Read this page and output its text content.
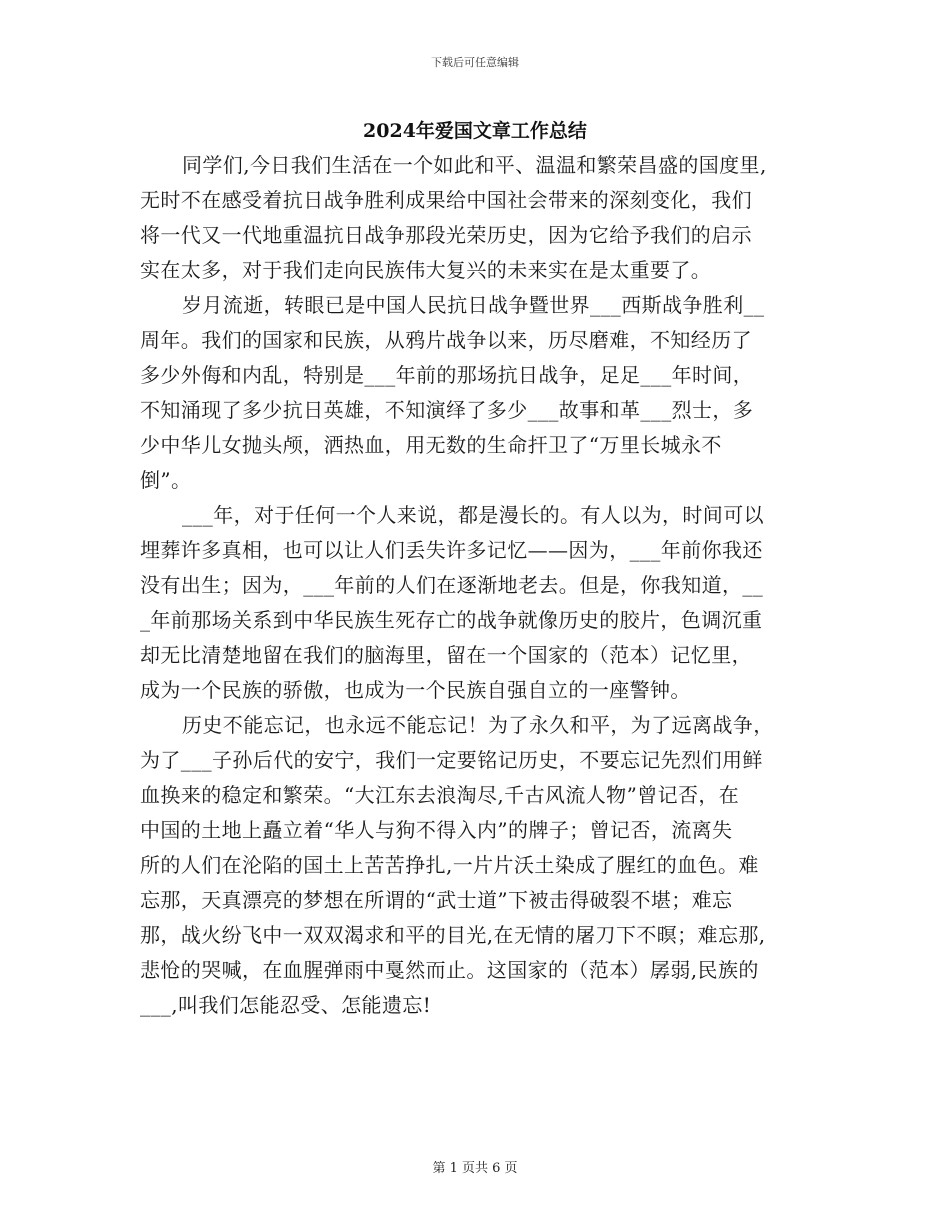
下载后可任意编辑
2024年爱国文章工作总结

同学们,今日我们生活在一个如此和平、温温和繁荣昌盛的国度里,

无时不在感受着抗日战争胜利成果给中国社会带来的深刻变化，我们

将一代又一代地重温抗日战争那段光荣历史，因为它给予我们的启示

实在太多，对于我们走向民族伟大复兴的未来实在是太重要了。

岁月流逝，转眼已是中国人民抗日战争暨世界___西斯战争胜利__

周年。我们的国家和民族，从鸦片战争以来，历尽磨难，不知经历了

多少外侮和内乱，特别是___年前的那场抗日战争，足足___年时间，

不知涌现了多少抗日英雄，不知演绎了多少___故事和革___烈士，多

少中华儿女抛头颅，洒热血，用无数的生命扞卫了“万里长城永不

倒”。

___年，对于任何一个人来说，都是漫长的。有人以为，时间可以

埋葬许多真相，也可以让人们丢失许多记忆——因为，___年前你我还

没有出生；因为，___年前的人们在逐渐地老去。但是，你我知道，__

_年前那场关系到中华民族生死存亡的战争就像历史的胶片，色调沉重

却无比清楚地留在我们的脑海里，留在一个国家的（范本）记忆里，

成为一个民族的骄傲，也成为一个民族自强自立的一座警钟。

历史不能忘记，也永远不能忘记！为了永久和平，为了远离战争，

为了___子孙后代的安宁，我们一定要铭记历史，不要忘记先烈们用鲜

血换来的稳定和繁荣。“大江东去浪淘尽,千古风流人物”曾记否，在

中国的土地上矗立着“华人与狗不得入内”的牌子；曾记否，流离失

所的人们在沦陷的国土上苦苦挣扎,一片片沃土染成了腥红的血色。难

忘那，天真漂亮的梦想在所谓的“武士道”下被击得破裂不堪；难忘

那，战火纷飞中一双双渴求和平的目光,在无情的屠刀下不暝；难忘那,

悲怆的哭喊，在血腥弹雨中戛然而止。这国家的（范本）孱弱,民族的

___,叫我们怎能忍受、怎能遗忘!

第 1 页共 6 页
